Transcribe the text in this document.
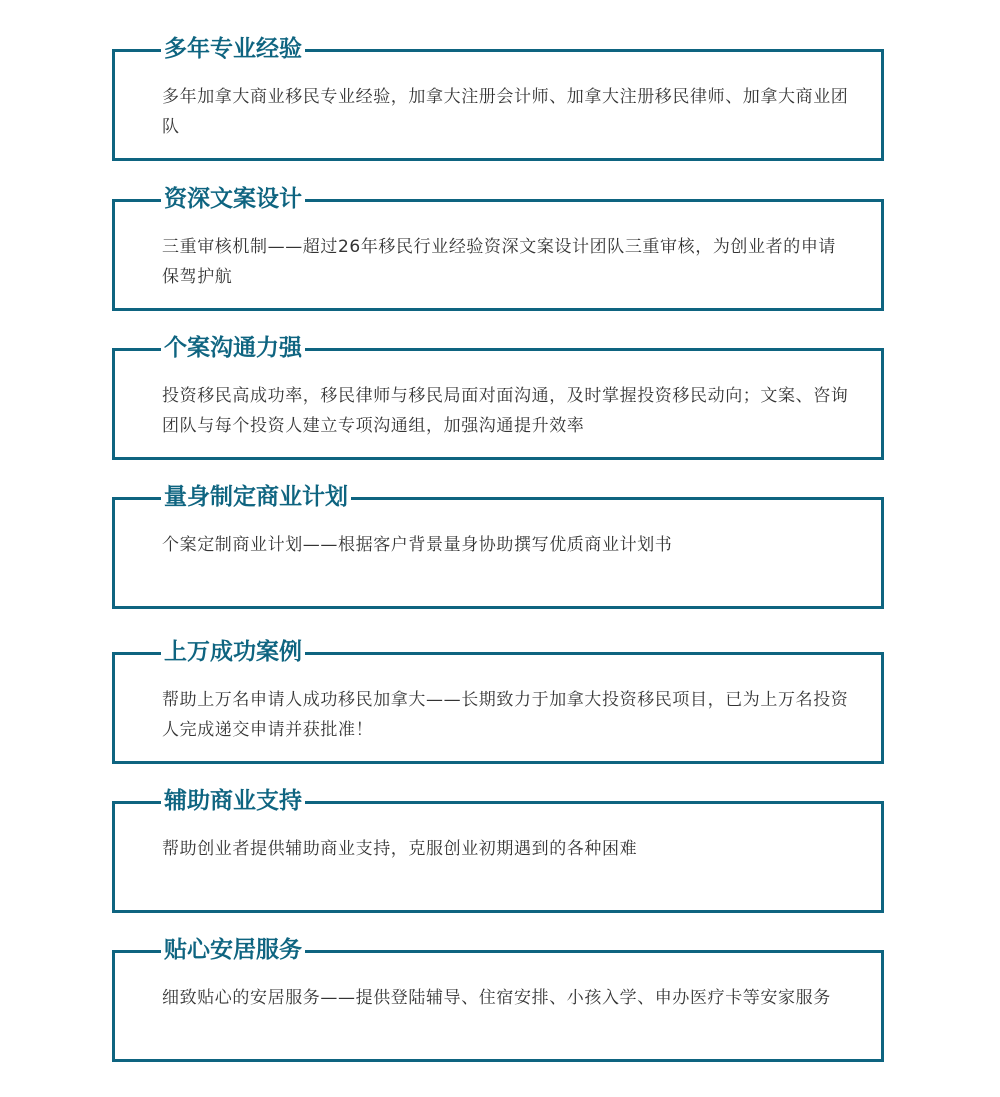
多年专业经验
多年加拿大商业移民专业经验，加拿大注册会计师、加拿大注册移民律师、加拿大商业团队
资深文案设计
三重审核机制——超过26年移民行业经验资深文案设计团队三重审核，为创业者的申请保驾护航
个案沟通力强
投资移民高成功率，移民律师与移民局面对面沟通，及时掌握投资移民动向；文案、咨询团队与每个投资人建立专项沟通组，加强沟通提升效率
量身制定商业计划
个案定制商业计划——根据客户背景量身协助撰写优质商业计划书
上万成功案例
帮助上万名申请人成功移民加拿大——长期致力于加拿大投资移民项目，已为上万名投资人完成递交申请并获批准！
辅助商业支持
帮助创业者提供辅助商业支持，克服创业初期遇到的各种困难
贴心安居服务
细致贴心的安居服务——提供登陆辅导、住宿安排、小孩入学、申办医疗卡等安家服务
